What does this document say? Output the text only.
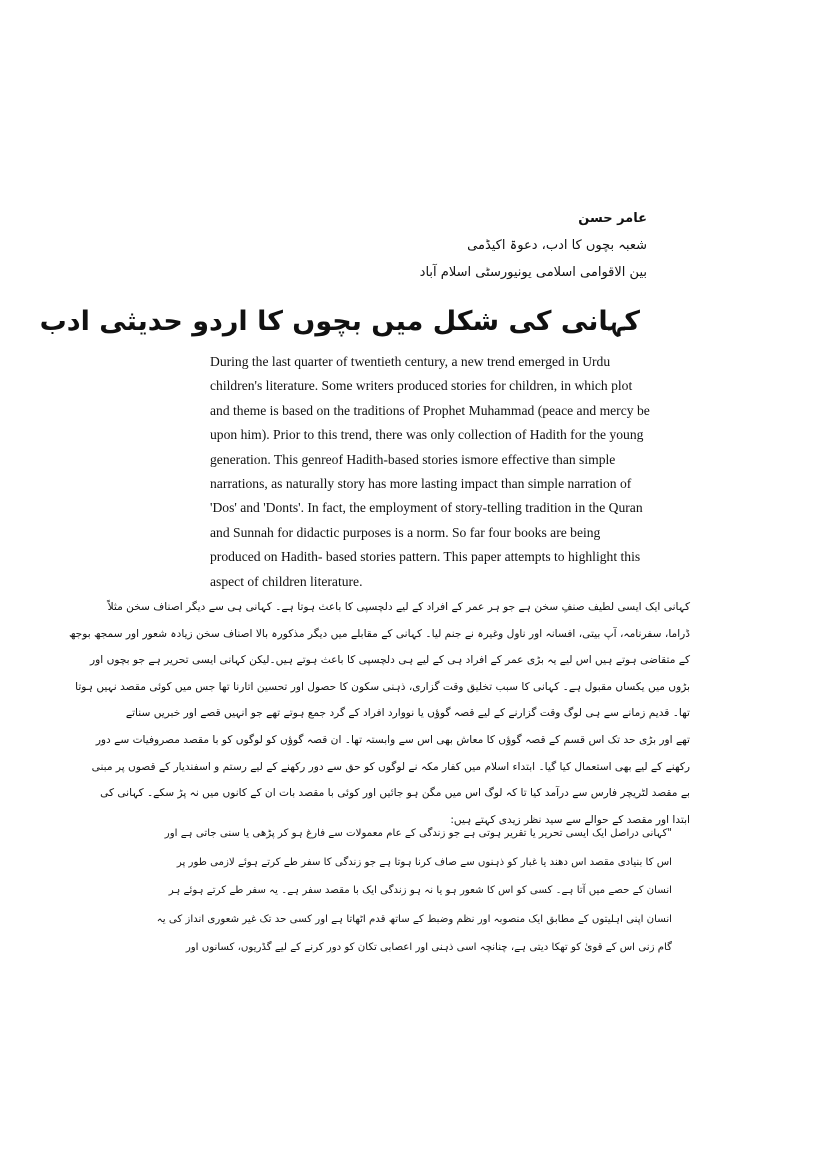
عامر حسن
شعبہ بچوں کا ادب، دعوۃ اکیڈمی
بین الاقوامی اسلامی یونیورسٹی اسلام آباد
کہانی کی شکل میں بچوں کا اردو حدیثی ادب
During the last quarter of twentieth century, a new trend emerged in Urdu
children's literature. Some writers produced stories for children, in which plot
and theme is based on the traditions of Prophet Muhammad (peace and mercy be
upon him). Prior to this trend, there was only collection of Hadith for the young
generation. This genreof Hadith-based stories ismore effective than simple
narrations, as naturally story has more lasting impact than simple narration of
'Dos' and 'Donts'. In fact, the employment of story-telling tradition in the Quran
and Sunnah for didactic purposes is a norm. So far four books are being
produced on Hadith- based stories pattern. This paper attempts to highlight this
aspect of children literature.
کہانی ایک ایسی لطیف صنفِ سخن ہے جو ہر عمر کے افراد کے لیے دلچسپی کا باعث ہوتا ہے۔ کہانی ہی سے دیگر اصناف سخن مثلاً
ڈراما، سفرنامہ، آپ بیتی، افسانہ اور ناول وغیرہ نے جنم لیا۔ کہانی کے مقابلے میں دیگر مذکورہ بالا اصناف سخن زیادہ شعور اور سمجھ بوجھ
کے متقاضی ہوتے ہیں اس لیے یہ بڑی عمر کے افراد ہی کے لیے ہی دلچسپی کا باعث ہوتے ہیں۔لیکن کہانی ایسی تحریر ہے جو بچوں اور
بڑوں میں یکساں مقبول ہے۔ کہانی کا سبب تخلیق وقت گزاری، ذہنی سکون کا حصول اور تحسین اتارنا تھا جس میں کوئی مقصد نہیں ہوتا
تھا۔ قدیم زمانے سے ہی لوگ وقت گزارنے کے لیے قصہ گوؤں یا نووارد افراد کے گرد جمع ہوتے تھے جو انہیں قصے اور خبریں سناتے
تھے اور بڑی حد تک اس قسم کے قصہ گوؤں کا معاش بھی اس سے وابستہ تھا۔ ان قصہ گوؤں کو لوگوں کو با مقصد مصروفیات سے دور
رکھنے کے لیے بھی استعمال کیا گیا۔ ابتداء اسلام میں کفار مکہ نے لوگوں کو حق سے دور رکھنے کے لیے رستم و اسفندیار کے قصوں پر مبنی
بے مقصد لٹریچر فارس سے درآمد کیا تا کہ لوگ اس میں مگن ہو جائیں اور کوئی با مقصد بات ان کے کانوں میں نہ پڑ سکے۔ کہانی کی
ابتدا اور مقصد کے حوالے سے سید نظر زیدی کہتے ہیں:
"کہانی دراصل ایک ایسی تحریر یا تقریر ہوتی ہے جو زندگی کے عام معمولات سے فارغ ہو کر پڑھی یا سنی جاتی ہے اور
اس کا بنیادی مقصد اس دھند یا غبار کو ذہنوں سے صاف کرنا ہوتا ہے جو زندگی کا سفر طے کرتے ہوئے لازمی طور پر
انسان کے حصے میں آتا ہے۔ کسی کو اس کا شعور ہو یا نہ ہو زندگی ایک با مقصد سفر ہے۔ یہ سفر طے کرتے ہوئے ہر
انسان اپنی اہلیتوں کے مطابق ایک منصوبہ اور نظم وضبط کے ساتھ قدم اٹھاتا ہے اور کسی حد تک غیر شعوری انداز کی یہ
گام زنی اس کے قویٰ کو تھکا دیتی ہے، چنانچہ اسی ذہنی اور اعصابی تکان کو دور کرنے کے لیے گڈریوں، کسانوں اور
